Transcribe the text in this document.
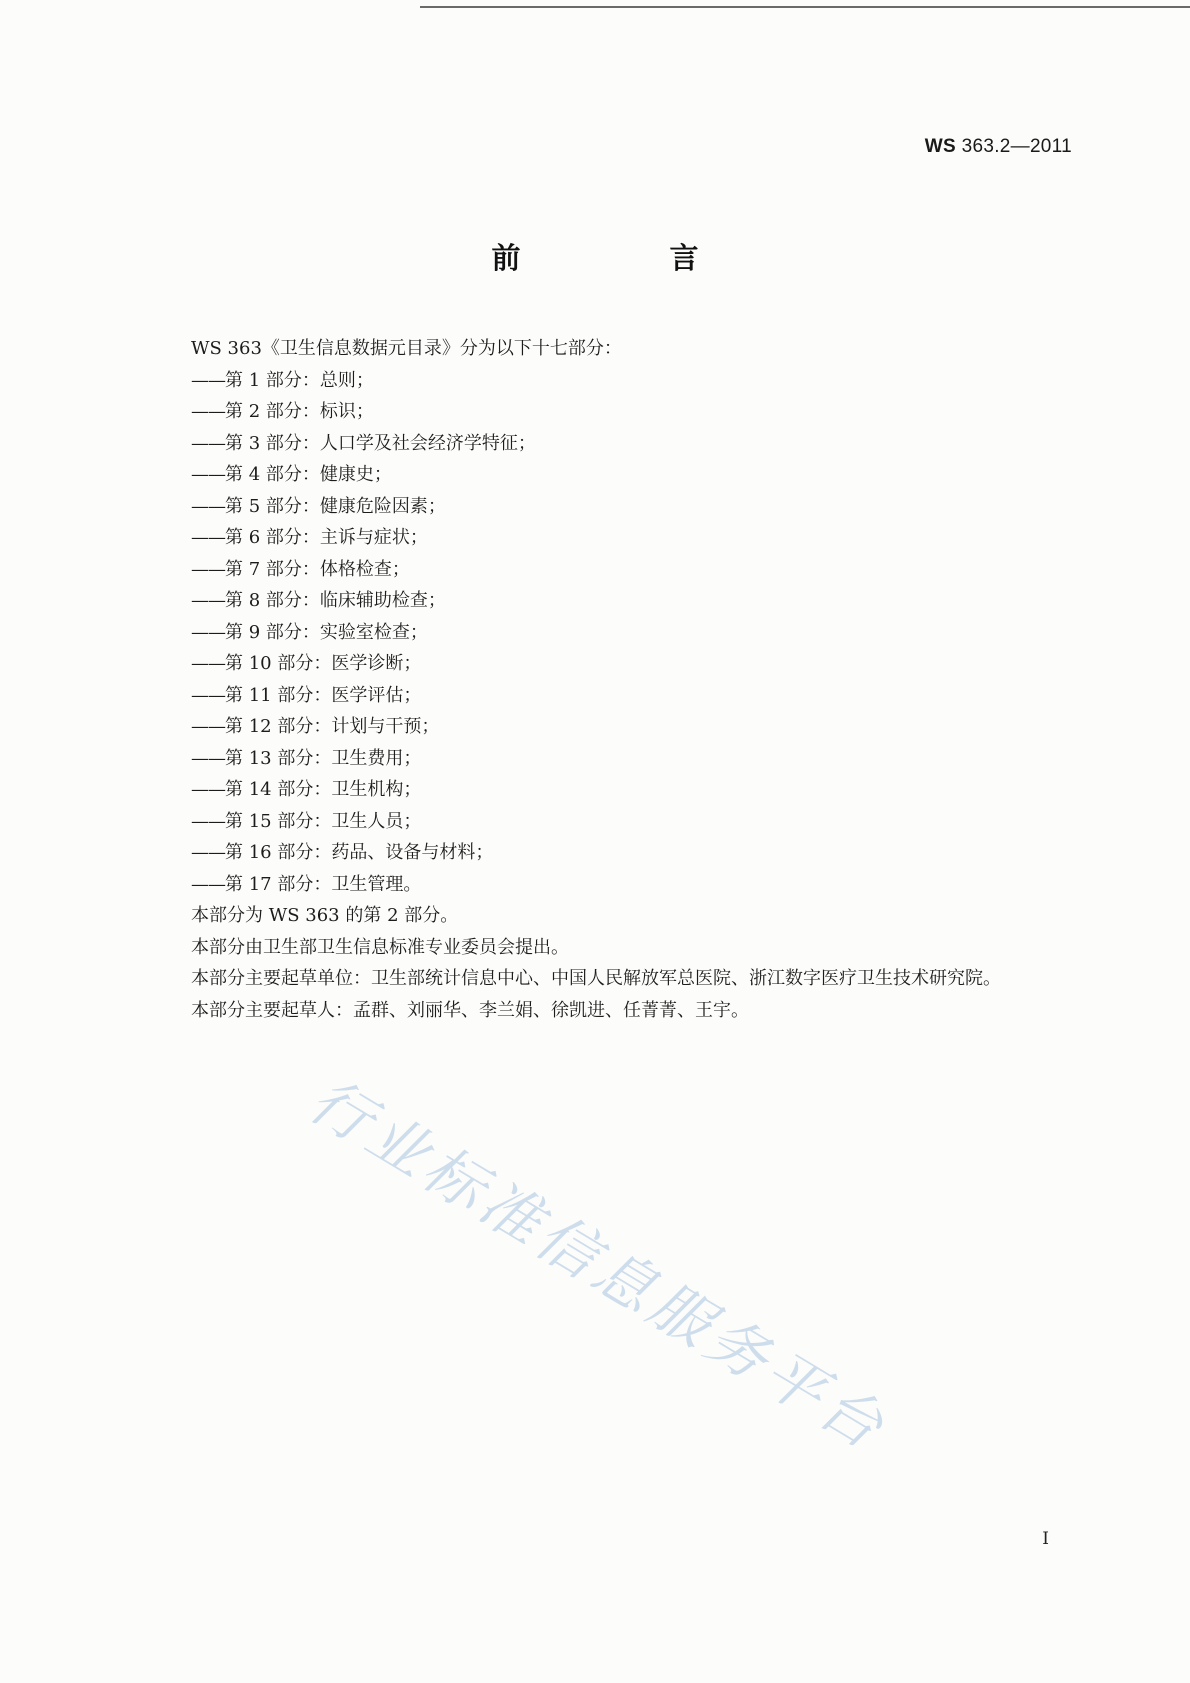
WS 363.2—2011
前　言

WS 363《卫生信息数据元目录》分为以下十七部分：

——第 1 部分：总则；
——第 2 部分：标识；
——第 3 部分：人口学及社会经济学特征；
——第 4 部分：健康史；
——第 5 部分：健康危险因素；
——第 6 部分：主诉与症状；
——第 7 部分：体格检查；
——第 8 部分：临床辅助检查；
——第 9 部分：实验室检查；
——第 10 部分：医学诊断；
——第 11 部分：医学评估；
——第 12 部分：计划与干预；
——第 13 部分：卫生费用；
——第 14 部分：卫生机构；
——第 15 部分：卫生人员；
——第 16 部分：药品、设备与材料；
——第 17 部分：卫生管理。

本部分为 WS 363 的第 2 部分。

本部分由卫生部卫生信息标准专业委员会提出。

本部分主要起草单位：卫生部统计信息中心、中国人民解放军总医院、浙江数字医疗卫生技术研究院。

本部分主要起草人：孟群、刘丽华、李兰娟、徐凯进、任菁菁、王宇。

行业标准信息服务平台
I
